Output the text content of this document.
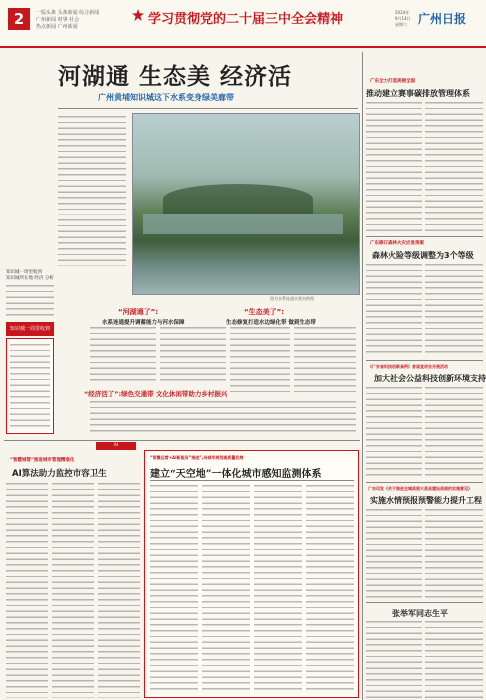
2	一版头条 头条新闻 综合新闻
广州新闻 时事 社会
热点新闻 广州新闻	学习贯彻党的二十届三中全会精神	2024年
9月14日
星期六 广州日报
河湖通 生态美 经济活
广州黄埔知识城这下水系变身绿美廊带
图为水系连通实景由供图
“河湖通了”:
水系连通提升调蓄能力与河水保障
“生态美了”:
生态修复打造水边绿化带 做到生态带
“经济活了”:绿色交通带 文化休闲带助力乡村振兴
知识城一周里收到
知识城所在地 经济 分析
知识城一周里收到
广东全力打造美丽全国
推动建立赛事碳排放管理体系
广东修订森林火灾应急预案
森林火险等级调整为3个等级
《广东省科技创新条例》首届宣讲会开展活动
加大社会公益科技创新环境支持
广东印发《关于推进全域美丽大美县建设美丽的实施意见》
实施水情预报预警能力提升工程
张举军同志生平
AI
“智慧城管”推进城市管理精准化
AI算法助力监控市容卫生
“智慧运营+AI新服务”推进”,州城市规划高质量发展
建立“天空地”一体化城市感知监测体系
